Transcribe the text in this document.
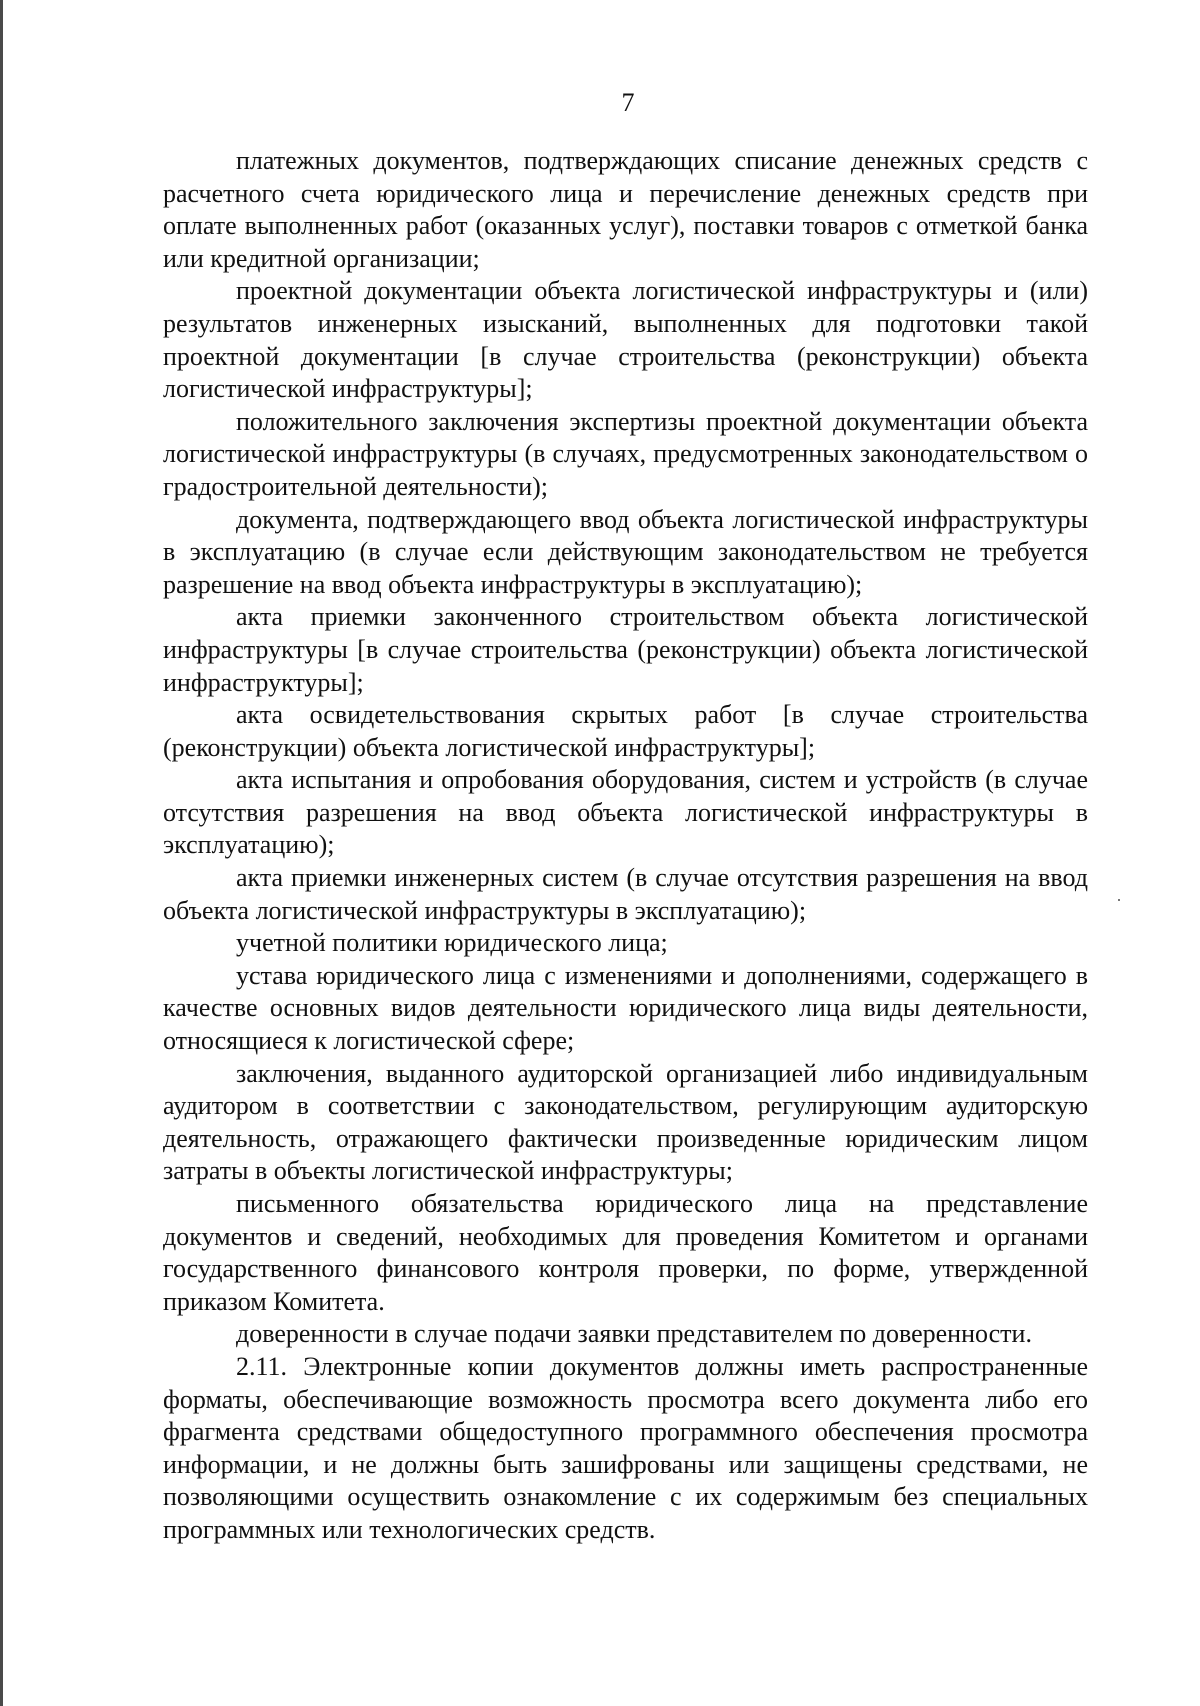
7

платежных документов, подтверждающих списание денежных средств с расчетного счета юридического лица и перечисление денежных средств при оплате выполненных работ (оказанных услуг), поставки товаров с отметкой банка или кредитной организации;

проектной документации объекта логистической инфраструктуры и (или) результатов инженерных изысканий, выполненных для подготовки такой проектной документации [в случае строительства (реконструкции) объекта логистической инфраструктуры];

положительного заключения экспертизы проектной документации объекта логистической инфраструктуры (в случаях, предусмотренных законодательством о градостроительной деятельности);

документа, подтверждающего ввод объекта логистической инфраструктуры в эксплуатацию (в случае если действующим законодательством не требуется разрешение на ввод объекта инфраструктуры в эксплуатацию);

акта приемки законченного строительством объекта логистической инфраструктуры [в случае строительства (реконструкции) объекта логистической инфраструктуры];

акта освидетельствования скрытых работ [в случае строительства (реконструкции) объекта логистической инфраструктуры];

акта испытания и опробования оборудования, систем и устройств (в случае отсутствия разрешения на ввод объекта логистической инфраструктуры в эксплуатацию);

акта приемки инженерных систем (в случае отсутствия разрешения на ввод объекта логистической инфраструктуры в эксплуатацию);

учетной политики юридического лица;

устава юридического лица с изменениями и дополнениями, содержащего в качестве основных видов деятельности юридического лица виды деятельности, относящиеся к логистической сфере;

заключения, выданного аудиторской организацией либо индивидуальным аудитором в соответствии с законодательством, регулирующим аудиторскую деятельность, отражающего фактически произведенные юридическим лицом затраты в объекты логистической инфраструктуры;

письменного обязательства юридического лица на представление документов и сведений, необходимых для проведения Комитетом и органами государственного финансового контроля проверки, по форме, утвержденной приказом Комитета.

доверенности в случае подачи заявки представителем по доверенности.

2.11. Электронные копии документов должны иметь распространенные форматы, обеспечивающие возможность просмотра всего документа либо его фрагмента средствами общедоступного программного обеспечения просмотра информации, и не должны быть зашифрованы или защищены средствами, не позволяющими осуществить ознакомление с их содержимым без специальных программных или технологических средств.
